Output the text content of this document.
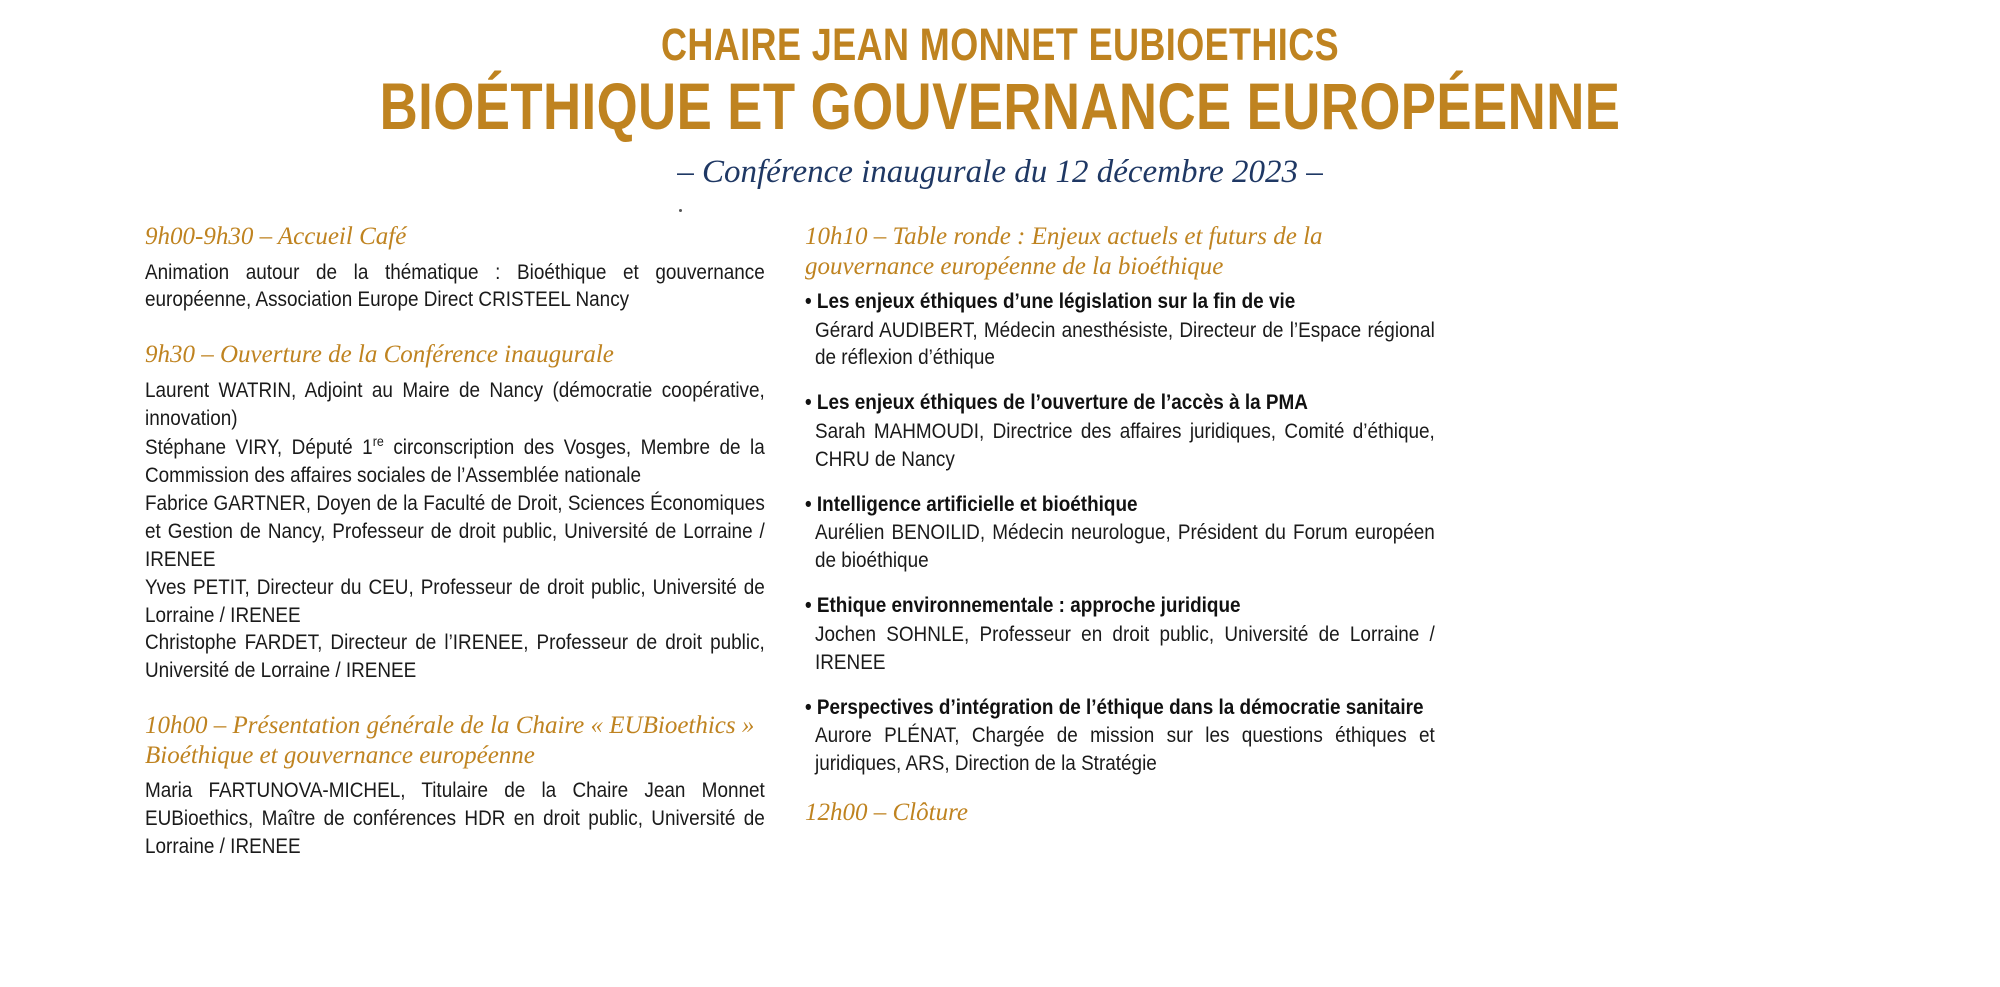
CHAIRE JEAN MONNET EUBIOETHICS
BIOÉTHIQUE ET GOUVERNANCE EUROPÉENNE
– Conférence inaugurale du 12 décembre 2023 –
9h00-9h30 – Accueil Café
Animation autour de la thématique : Bioéthique et gouvernance européenne, Association Europe Direct CRISTEEL Nancy
9h30 – Ouverture de la Conférence inaugurale
Laurent WATRIN, Adjoint au Maire de Nancy (démocratie coopérative, innovation)
Stéphane VIRY, Député 1re circonscription des Vosges, Membre de la Commission des affaires sociales de l’Assemblée nationale
Fabrice GARTNER, Doyen de la Faculté de Droit, Sciences Économiques et Gestion de Nancy, Professeur de droit public, Université de Lorraine / IRENEE
Yves PETIT, Directeur du CEU, Professeur de droit public, Université de Lorraine / IRENEE
Christophe FARDET, Directeur de l’IRENEE, Professeur de droit public, Université de Lorraine / IRENEE
10h00 – Présentation générale de la Chaire « EUBioethics » Bioéthique et gouvernance européenne
Maria FARTUNOVA-MICHEL, Titulaire de la Chaire Jean Monnet EUBioethics, Maître de conférences HDR en droit public, Université de Lorraine / IRENEE
10h10 – Table ronde : Enjeux actuels et futurs de la gouvernance européenne de la bioéthique
• Les enjeux éthiques d’une législation sur la fin de vie
Gérard AUDIBERT, Médecin anesthésiste, Directeur de l’Espace régional de réflexion d’éthique
• Les enjeux éthiques de l’ouverture de l’accès à la PMA
Sarah MAHMOUDI, Directrice des affaires juridiques, Comité d’éthique, CHRU de Nancy
• Intelligence artificielle et bioéthique
Aurélien BENOILID, Médecin neurologue, Président du Forum européen de bioéthique
• Ethique environnementale : approche juridique
Jochen SOHNLE, Professeur en droit public, Université de Lorraine / IRENEE
• Perspectives d’intégration de l’éthique dans la démocratie sanitaire
Aurore PLÉNAT, Chargée de mission sur les questions éthiques et juridiques, ARS, Direction de la Stratégie
12h00 – Clôture
